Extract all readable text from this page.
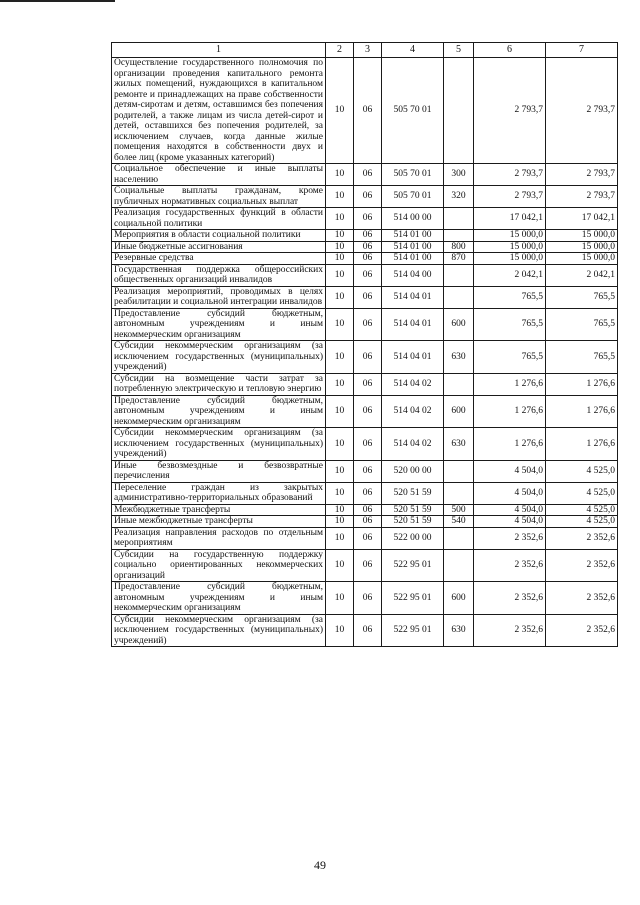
1	2	3	4	5	6	7
Осуществление государственного полномочия по организации проведения капитального ремонта жилых помещений, нуждающихся в капитальном ремонте и принадлежащих на праве собственности детям-сиротам и детям, оставшимся без попечения родителей, а также лицам из числа детей-сирот и детей, оставшихся без попечения родителей, за исключением случаев, когда данные жилые помещения находятся в собственности двух и более лиц (кроме указанных категорий)	10	06	505 70 01		2 793,7	2 793,7
Социальное обеспечение и иные выплаты населению	10	06	505 70 01	300	2 793,7	2 793,7
Социальные выплаты гражданам, кроме публичных нормативных социальных выплат	10	06	505 70 01	320	2 793,7	2 793,7
Реализация государственных функций в области социальной политики	10	06	514 00 00		17 042,1	17 042,1
Мероприятия в области социальной политики	10	06	514 01 00		15 000,0	15 000,0
Иные бюджетные ассигнования	10	06	514 01 00	800	15 000,0	15 000,0
Резервные средства	10	06	514 01 00	870	15 000,0	15 000,0
Государственная поддержка общероссийских общественных организаций инвалидов	10	06	514 04 00		2 042,1	2 042,1
Реализация мероприятий, проводимых в целях реабилитации и социальной интеграции инвалидов	10	06	514 04 01		765,5	765,5
Предоставление субсидий бюджетным, автономным учреждениям и иным некоммерческим организациям	10	06	514 04 01	600	765,5	765,5
Субсидии некоммерческим организациям (за исключением государственных (муниципальных) учреждений)	10	06	514 04 01	630	765,5	765,5
Субсидии на возмещение части затрат за потребленную электрическую и тепловую энергию	10	06	514 04 02		1 276,6	1 276,6
Предоставление субсидий бюджетным, автономным учреждениям и иным некоммерческим организациям	10	06	514 04 02	600	1 276,6	1 276,6
Субсидии некоммерческим организациям (за исключением государственных (муниципальных) учреждений)	10	06	514 04 02	630	1 276,6	1 276,6
Иные безвозмездные и безвозвратные перечисления	10	06	520 00 00		4 504,0	4 525,0
Переселение граждан из закрытых административно-территориальных образований	10	06	520 51 59		4 504,0	4 525,0
Межбюджетные трансферты	10	06	520 51 59	500	4 504,0	4 525,0
Иные межбюджетные трансферты	10	06	520 51 59	540	4 504,0	4 525,0
Реализация направления расходов по отдельным мероприятиям	10	06	522 00 00		2 352,6	2 352,6
Субсидии на государственную поддержку социально ориентированных некоммерческих организаций	10	06	522 95 01		2 352,6	2 352,6
Предоставление субсидий бюджетным, автономным учреждениям и иным некоммерческим организациям	10	06	522 95 01	600	2 352,6	2 352,6
Субсидии некоммерческим организациям (за исключением государственных (муниципальных) учреждений)	10	06	522 95 01	630	2 352,6	2 352,6
49
